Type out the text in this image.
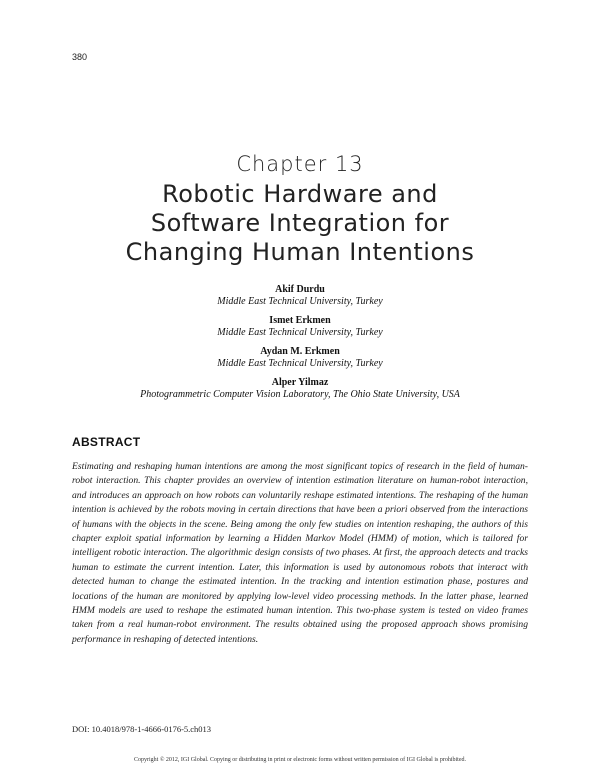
380
Chapter 13
Robotic Hardware and
Software Integration for
Changing Human Intentions
Akif Durdu
Middle East Technical University, Turkey
Ismet Erkmen
Middle East Technical University, Turkey
Aydan M. Erkmen
Middle East Technical University, Turkey
Alper Yilmaz
Photogrammetric Computer Vision Laboratory, The Ohio State University, USA
ABSTRACT
Estimating and reshaping human intentions are among the most significant topics of research in the field of human-robot interaction. This chapter provides an overview of intention estimation literature on human-robot interaction, and introduces an approach on how robots can voluntarily reshape estimated intentions. The reshaping of the human intention is achieved by the robots moving in certain directions that have been a priori observed from the interactions of humans with the objects in the scene. Being among the only few studies on intention reshaping, the authors of this chapter exploit spatial information by learning a Hidden Markov Model (HMM) of motion, which is tailored for intelligent robotic interaction. The algorithmic design consists of two phases. At first, the approach detects and tracks human to estimate the current intention. Later, this information is used by autonomous robots that interact with detected human to change the estimated intention. In the tracking and intention estimation phase, postures and locations of the human are monitored by applying low-level video processing methods. In the latter phase, learned HMM models are used to reshape the estimated human intention. This two-phase system is tested on video frames taken from a real human-robot environment. The results obtained using the proposed approach shows promising performance in reshaping of detected intentions.
DOI: 10.4018/978-1-4666-0176-5.ch013
Copyright © 2012, IGI Global. Copying or distributing in print or electronic forms without written permission of IGI Global is prohibited.
